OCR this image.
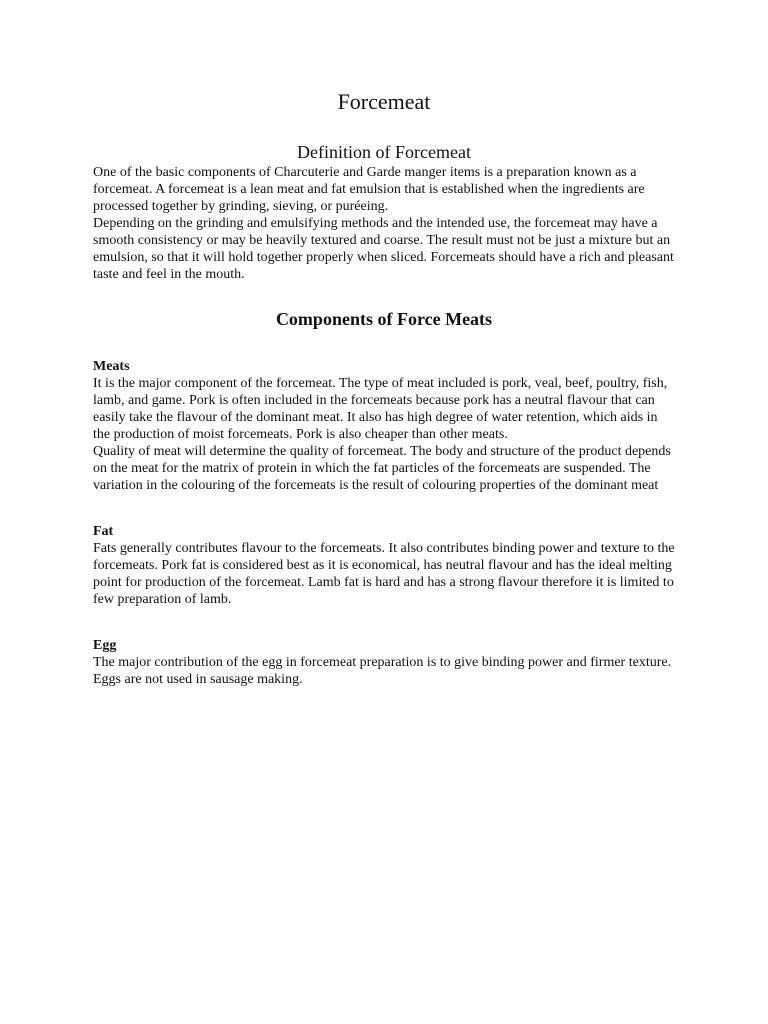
Forcemeat
Definition of Forcemeat

One of the basic components of Charcuterie and Garde manger items is a preparation known as a forcemeat. A forcemeat is a lean meat and fat emulsion that is established when the ingredients are processed together by grinding, sieving, or puréeing.

Depending on the grinding and emulsifying methods and the intended use, the forcemeat may have a smooth consistency or may be heavily textured and coarse. The result must not be just a mixture but an emulsion, so that it will hold together properly when sliced. Forcemeats should have a rich and pleasant taste and feel in the mouth.

Components of Force Meats
Meats

It is the major component of the forcemeat. The type of meat included is pork, veal, beef, poultry, fish, lamb, and game. Pork is often included in the forcemeats because pork has a neutral flavour that can easily take the flavour of the dominant meat. It also has high degree of water retention, which aids in the production of moist forcemeats. Pork is also cheaper than other meats.

Quality of meat will determine the quality of forcemeat. The body and structure of the product depends on the meat for the matrix of protein in which the fat particles of the forcemeats are suspended. The variation in the colouring of the forcemeats is the result of colouring properties of the dominant meat

Fat

Fats generally contributes flavour to the forcemeats. It also contributes binding power and texture to the forcemeats. Pork fat is considered best as it is economical, has neutral flavour and has the ideal melting point for production of the forcemeat. Lamb fat is hard and has a strong flavour therefore it is limited to few preparation of lamb.

Egg

The major contribution of the egg in forcemeat preparation is to give binding power and firmer texture. Eggs are not used in sausage making.
